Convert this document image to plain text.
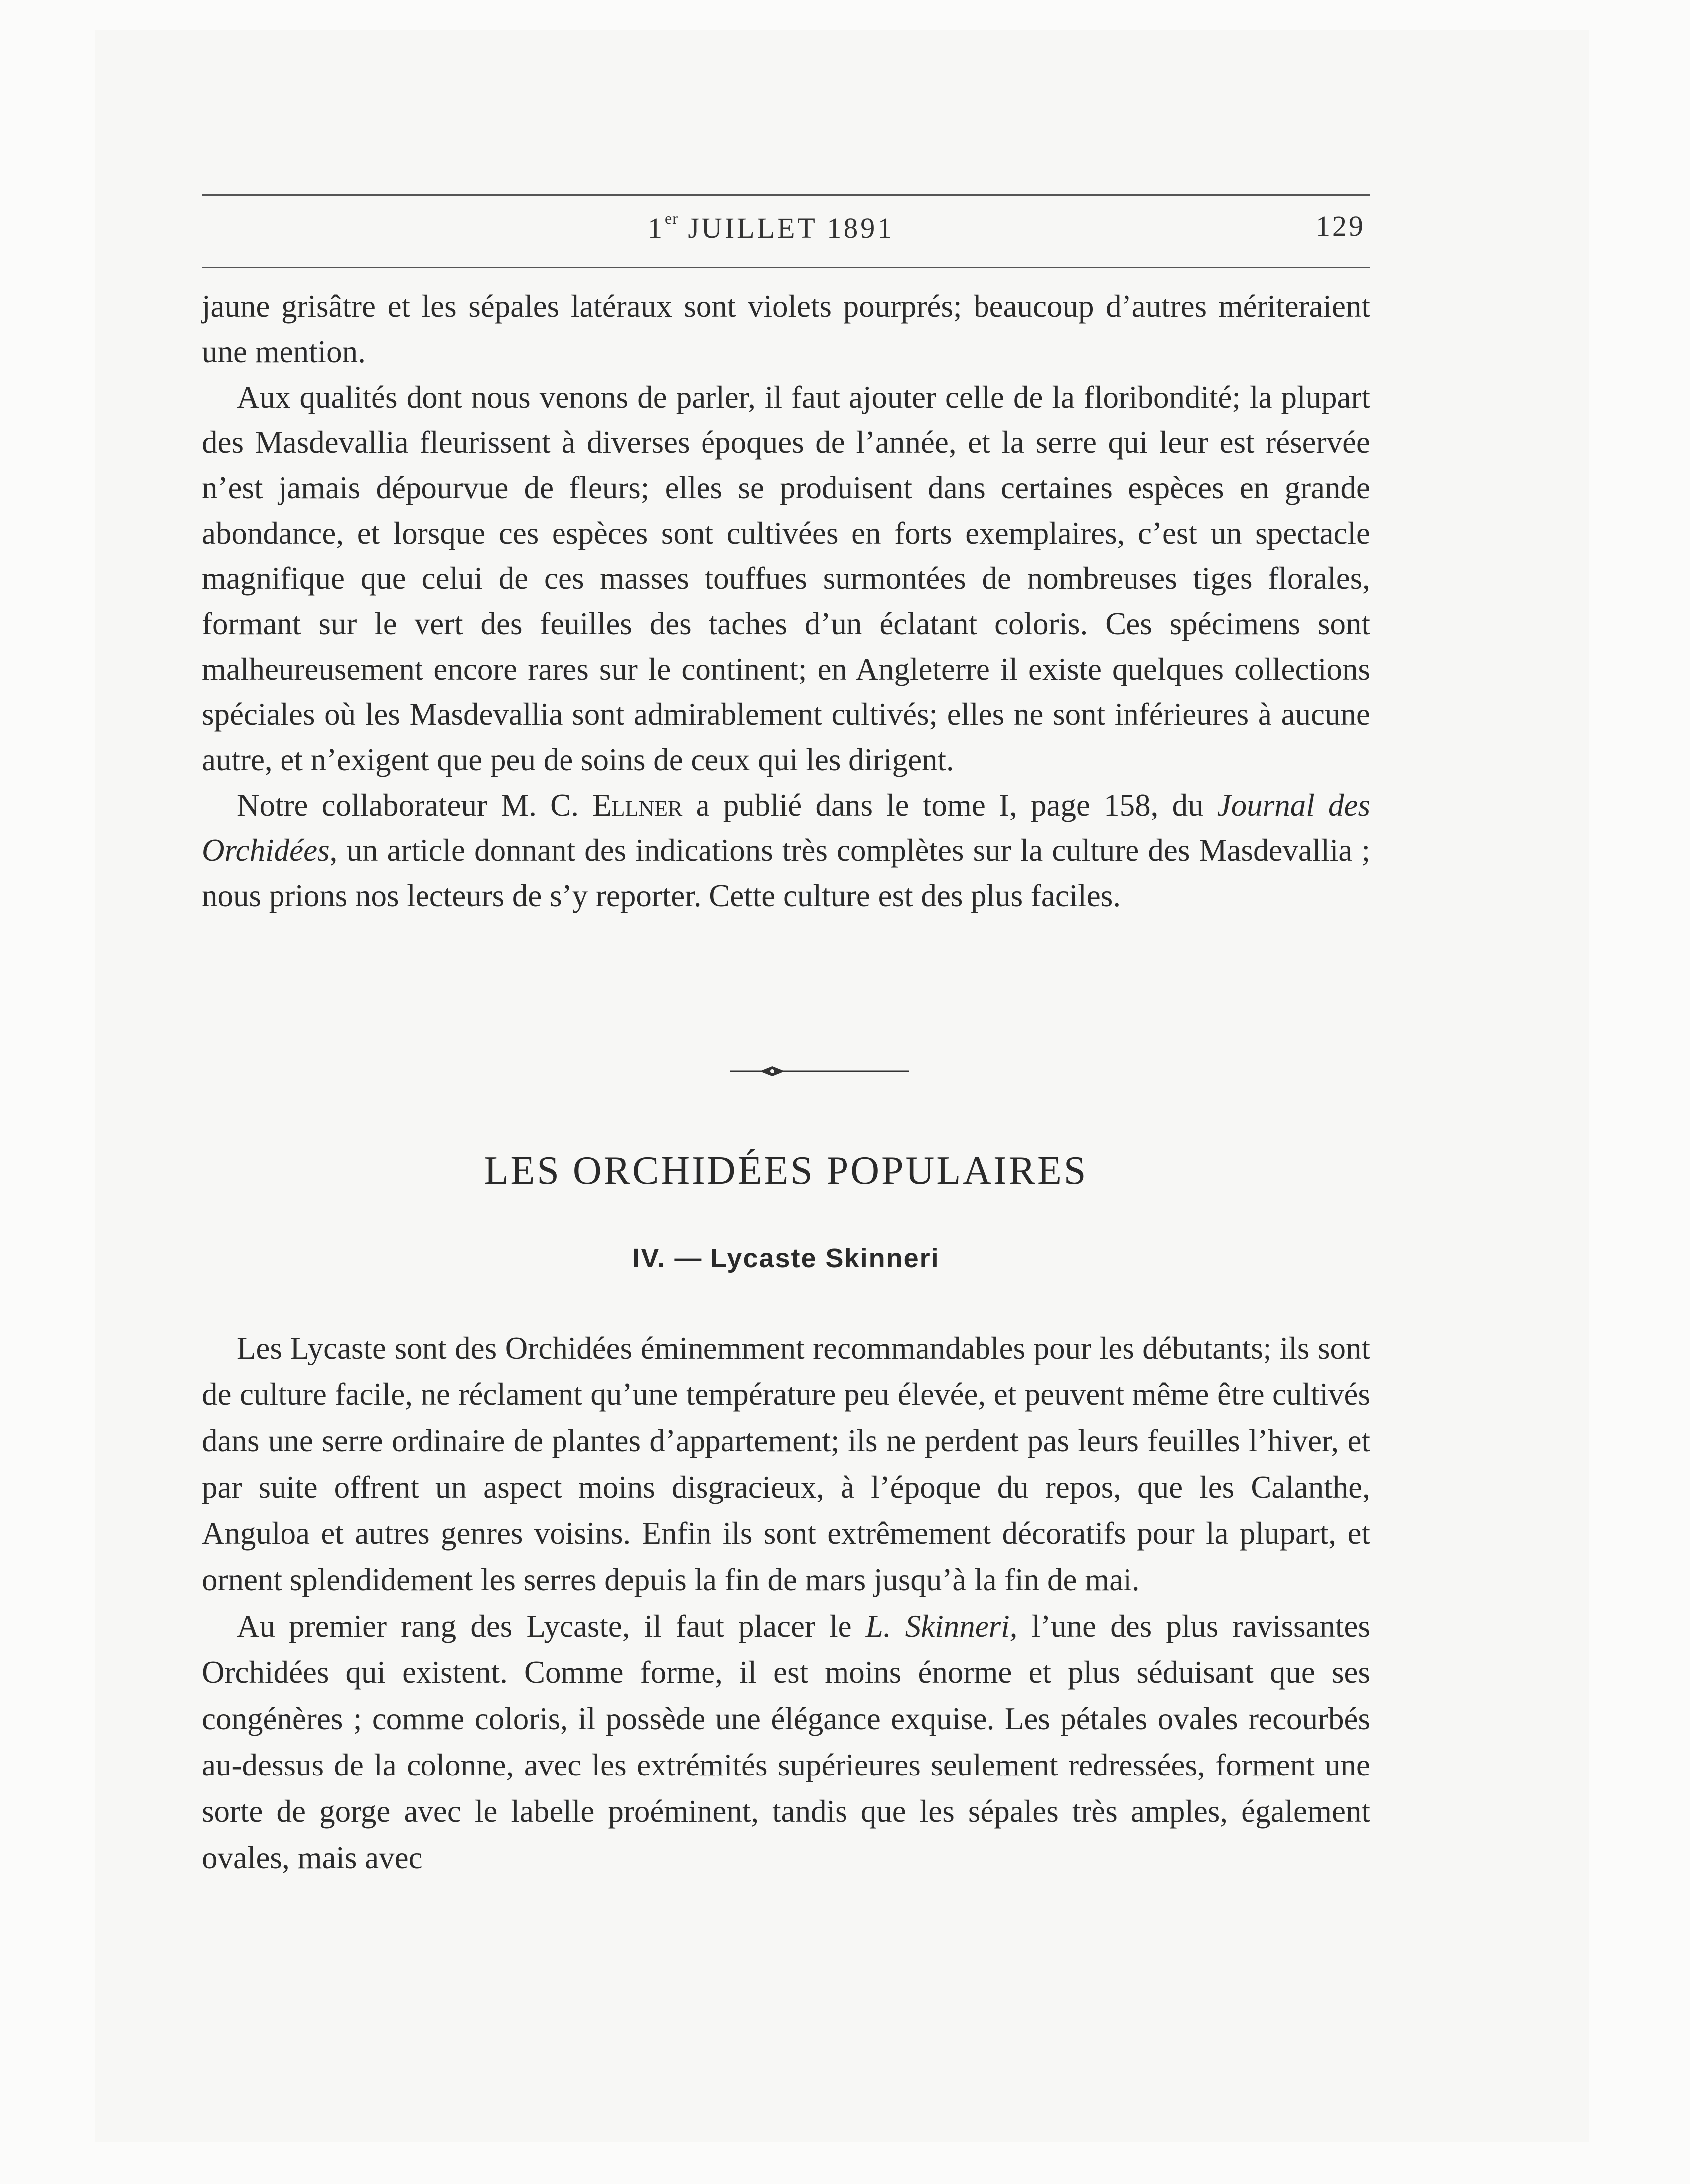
1er JUILLET 1891	129

jaune grisâtre et les sépales latéraux sont violets pourprés; beaucoup d’autres mériteraient une mention.

Aux qualités dont nous venons de parler, il faut ajouter celle de la floribondité; la plupart des Masdevallia fleurissent à diverses époques de l’année, et la serre qui leur est réservée n’est jamais dépourvue de fleurs; elles se produisent dans certaines espèces en grande abondance, et lorsque ces espèces sont cultivées en forts exemplaires, c’est un spectacle magnifique que celui de ces masses touffues surmontées de nombreuses tiges florales, formant sur le vert des feuilles des taches d’un éclatant coloris. Ces spécimens sont malheureusement encore rares sur le continent; en Angleterre il existe quelques collections spéciales où les Masdevallia sont admirablement cultivés; elles ne sont inférieures à aucune autre, et n’exigent que peu de soins de ceux qui les dirigent.

Notre collaborateur M. C. Ellner a publié dans le tome I, page 158, du Journal des Orchidées, un article donnant des indications très complètes sur la culture des Masdevallia ; nous prions nos lecteurs de s’y reporter. Cette culture est des plus faciles.

LES ORCHIDÉES POPULAIRES
IV. — Lycaste Skinneri

Les Lycaste sont des Orchidées éminemment recommandables pour les débutants; ils sont de culture facile, ne réclament qu’une température peu élevée, et peuvent même être cultivés dans une serre ordinaire de plantes d’appartement; ils ne perdent pas leurs feuilles l’hiver, et par suite offrent un aspect moins disgracieux, à l’époque du repos, que les Calanthe, Anguloa et autres genres voisins. Enfin ils sont extrêmement décoratifs pour la plupart, et ornent splendidement les serres depuis la fin de mars jusqu’à la fin de mai.

Au premier rang des Lycaste, il faut placer le L. Skinneri, l’une des plus ravissantes Orchidées qui existent. Comme forme, il est moins énorme et plus séduisant que ses congénères ; comme coloris, il possède une élégance exquise. Les pétales ovales recourbés au-dessus de la colonne, avec les extrémités supérieures seulement redressées, forment une sorte de gorge avec le labelle proéminent, tandis que les sépales très amples, également ovales, mais avec
